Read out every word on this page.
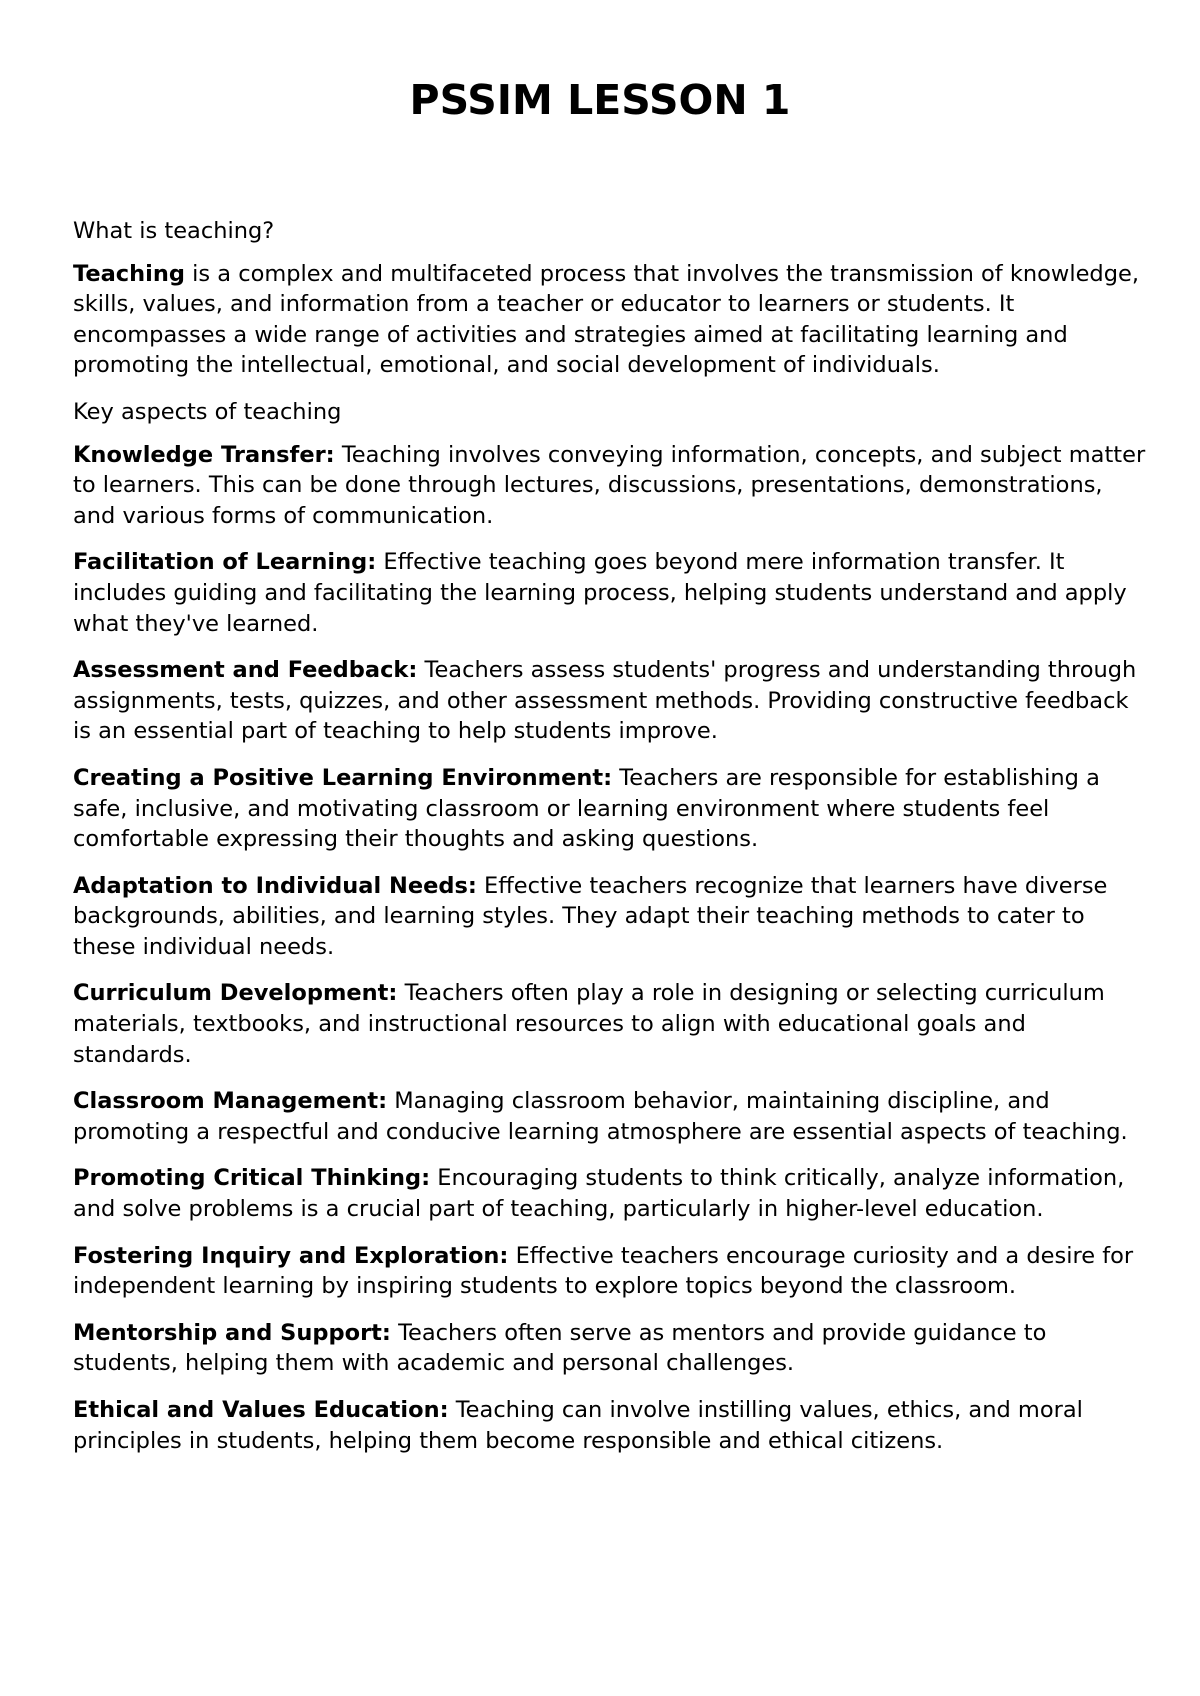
PSSIM LESSON 1

What is teaching?

Teaching is a complex and multifaceted process that involves the transmission of knowledge, skills, values, and information from a teacher or educator to learners or students. It encompasses a wide range of activities and strategies aimed at facilitating learning and promoting the intellectual, emotional, and social development of individuals.

Key aspects of teaching

Knowledge Transfer: Teaching involves conveying information, concepts, and subject matter to learners. This can be done through lectures, discussions, presentations, demonstrations, and various forms of communication.

Facilitation of Learning: Effective teaching goes beyond mere information transfer. It includes guiding and facilitating the learning process, helping students understand and apply what they've learned.

Assessment and Feedback: Teachers assess students' progress and understanding through assignments, tests, quizzes, and other assessment methods. Providing constructive feedback is an essential part of teaching to help students improve.

Creating a Positive Learning Environment: Teachers are responsible for establishing a safe, inclusive, and motivating classroom or learning environment where students feel comfortable expressing their thoughts and asking questions.

Adaptation to Individual Needs: Effective teachers recognize that learners have diverse backgrounds, abilities, and learning styles. They adapt their teaching methods to cater to these individual needs.

Curriculum Development: Teachers often play a role in designing or selecting curriculum materials, textbooks, and instructional resources to align with educational goals and standards.

Classroom Management: Managing classroom behavior, maintaining discipline, and promoting a respectful and conducive learning atmosphere are essential aspects of teaching.

Promoting Critical Thinking: Encouraging students to think critically, analyze information, and solve problems is a crucial part of teaching, particularly in higher-level education.

Fostering Inquiry and Exploration: Effective teachers encourage curiosity and a desire for independent learning by inspiring students to explore topics beyond the classroom.

Mentorship and Support: Teachers often serve as mentors and provide guidance to students, helping them with academic and personal challenges.

Ethical and Values Education: Teaching can involve instilling values, ethics, and moral principles in students, helping them become responsible and ethical citizens.
